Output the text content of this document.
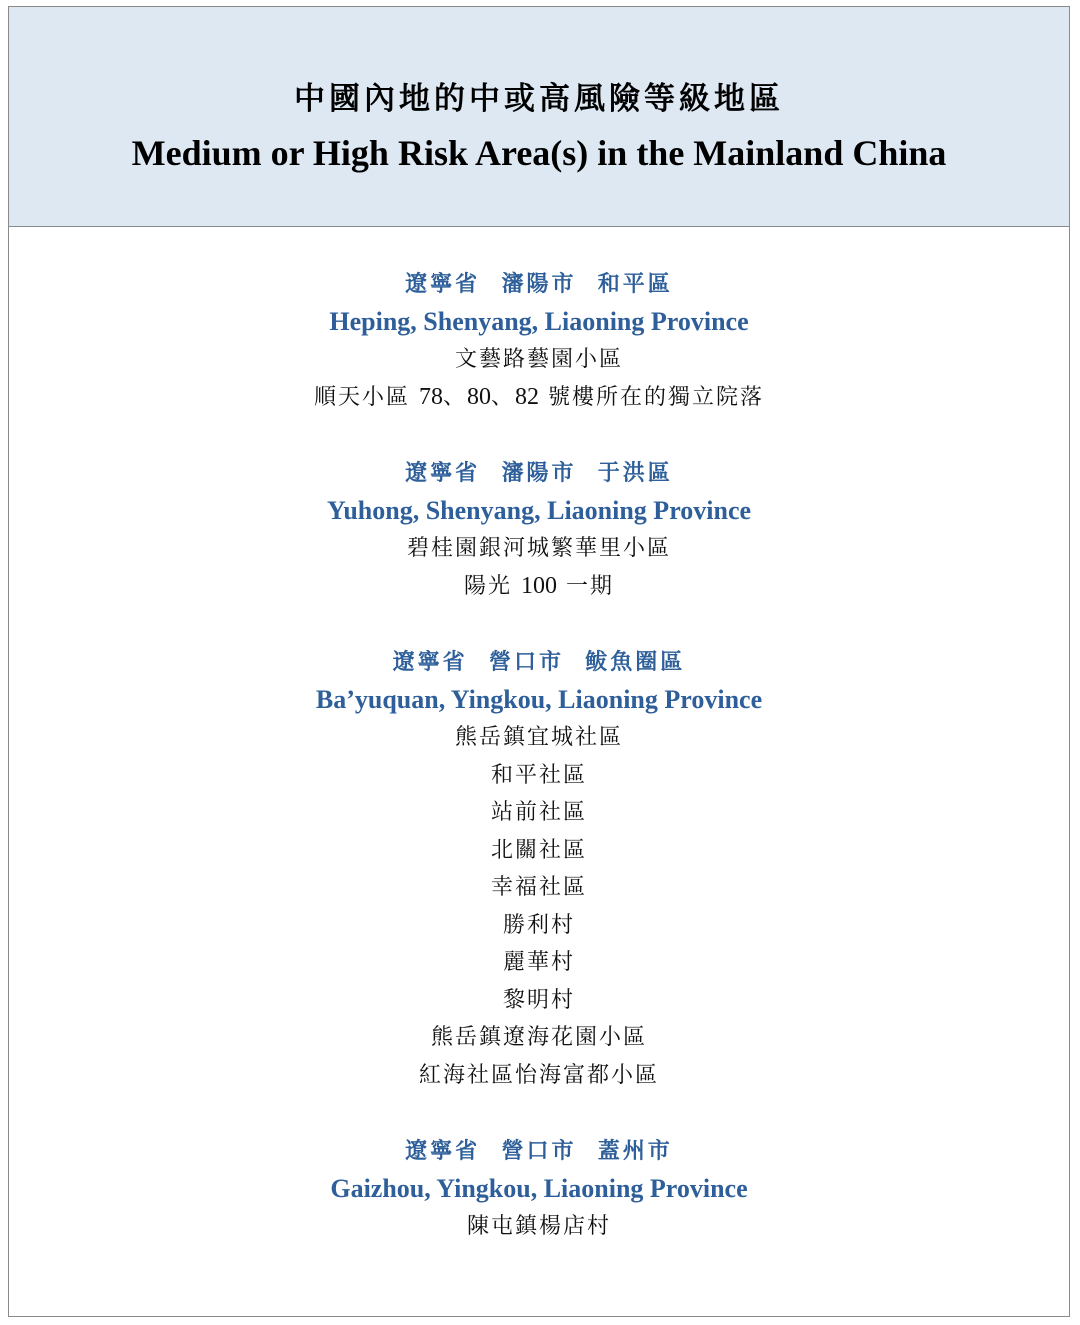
中國內地的中或高風險等級地區
Medium or High Risk Area(s) in the Mainland China
遼寧省  瀋陽市  和平區
Heping, Shenyang, Liaoning Province
文藝路藝園小區
順天小區 78、80、82 號樓所在的獨立院落
遼寧省  瀋陽市  于洪區
Yuhong, Shenyang, Liaoning Province
碧桂園銀河城繁華里小區
陽光 100 一期
遼寧省  營口市  鲅魚圈區
Ba’yuquan, Yingkou, Liaoning Province
熊岳鎮宜城社區
和平社區
站前社區
北關社區
幸福社區
勝利村
麗華村
黎明村
熊岳鎮遼海花園小區
紅海社區怡海富都小區
遼寧省  營口市  蓋州市
Gaizhou, Yingkou, Liaoning Province
陳屯鎮楊店村
